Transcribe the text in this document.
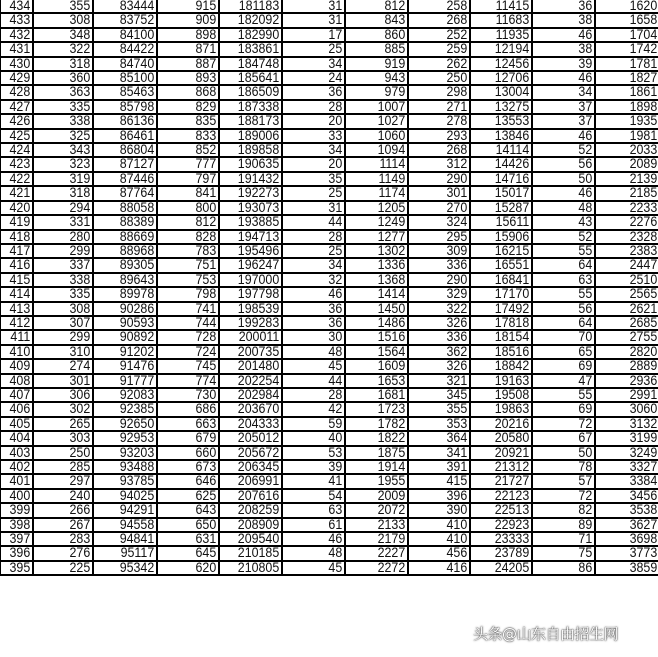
434	355	83444	915	181183	31	812	258	11415	36	1620
433	308	83752	909	182092	31	843	268	11683	38	1658
432	348	84100	898	182990	17	860	252	11935	46	1704
431	322	84422	871	183861	25	885	259	12194	38	1742
430	318	84740	887	184748	34	919	262	12456	39	1781
429	360	85100	893	185641	24	943	250	12706	46	1827
428	363	85463	868	186509	36	979	298	13004	34	1861
427	335	85798	829	187338	28	1007	271	13275	37	1898
426	338	86136	835	188173	20	1027	278	13553	37	1935
425	325	86461	833	189006	33	1060	293	13846	46	1981
424	343	86804	852	189858	34	1094	268	14114	52	2033
423	323	87127	777	190635	20	1114	312	14426	56	2089
422	319	87446	797	191432	35	1149	290	14716	50	2139
421	318	87764	841	192273	25	1174	301	15017	46	2185
420	294	88058	800	193073	31	1205	270	15287	48	2233
419	331	88389	812	193885	44	1249	324	15611	43	2276
418	280	88669	828	194713	28	1277	295	15906	52	2328
417	299	88968	783	195496	25	1302	309	16215	55	2383
416	337	89305	751	196247	34	1336	336	16551	64	2447
415	338	89643	753	197000	32	1368	290	16841	63	2510
414	335	89978	798	197798	46	1414	329	17170	55	2565
413	308	90286	741	198539	36	1450	322	17492	56	2621
412	307	90593	744	199283	36	1486	326	17818	64	2685
411	299	90892	728	200011	30	1516	336	18154	70	2755
410	310	91202	724	200735	48	1564	362	18516	65	2820
409	274	91476	745	201480	45	1609	326	18842	69	2889
408	301	91777	774	202254	44	1653	321	19163	47	2936
407	306	92083	730	202984	28	1681	345	19508	55	2991
406	302	92385	686	203670	42	1723	355	19863	69	3060
405	265	92650	663	204333	59	1782	353	20216	72	3132
404	303	92953	679	205012	40	1822	364	20580	67	3199
403	250	93203	660	205672	53	1875	341	20921	50	3249
402	285	93488	673	206345	39	1914	391	21312	78	3327
401	297	93785	646	206991	41	1955	415	21727	57	3384
400	240	94025	625	207616	54	2009	396	22123	72	3456
399	266	94291	643	208259	63	2072	390	22513	82	3538
398	267	94558	650	208909	61	2133	410	22923	89	3627
397	283	94841	631	209540	46	2179	410	23333	71	3698
396	276	95117	645	210185	48	2227	456	23789	75	3773
395	225	95342	620	210805	45	2272	416	24205	86	3859
头条@山东自由招生网
